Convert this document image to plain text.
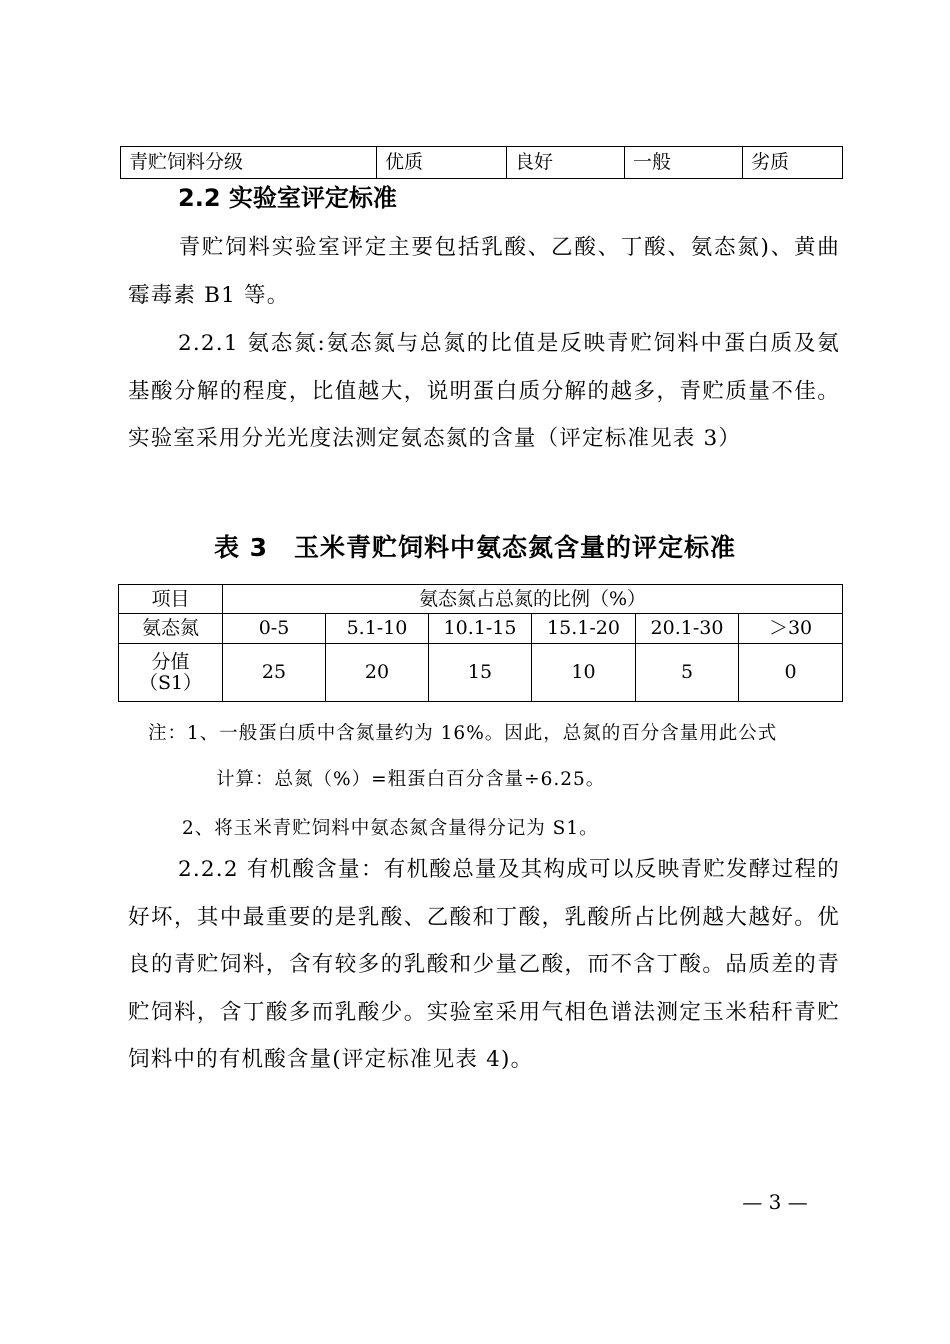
青贮饲料分级	优质	良好	一般	劣质
2.2 实验室评定标准
青贮饲料实验室评定主要包括乳酸、乙酸、丁酸、氨态氮)、黄曲霉毒素 B1 等。
2.2.1 氨态氮:氨态氮与总氮的比值是反映青贮饲料中蛋白质及氨基酸分解的程度，比值越大，说明蛋白质分解的越多，青贮质量不佳。实验室采用分光光度法测定氨态氮的含量（评定标准见表 3）
表 3　玉米青贮饲料中氨态氮含量的评定标准
项目	氨态氮占总氮的比例（%）					
氨态氮	0-5	5.1-10	10.1-15	15.1-20	20.1-30	＞30
分值
（S1）	25	20	15	10	5	0
注：1、一般蛋白质中含氮量约为 16%。因此，总氮的百分含量用此公式
计算：总氮（%）=粗蛋白百分含量÷6.25。
2、将玉米青贮饲料中氨态氮含量得分记为 S1。
2.2.2 有机酸含量：有机酸总量及其构成可以反映青贮发酵过程的好坏，其中最重要的是乳酸、乙酸和丁酸，乳酸所占比例越大越好。优良的青贮饲料，含有较多的乳酸和少量乙酸，而不含丁酸。品质差的青贮饲料，含丁酸多而乳酸少。实验室采用气相色谱法测定玉米秸秆青贮饲料中的有机酸含量(评定标准见表 4)。
— 3 —
